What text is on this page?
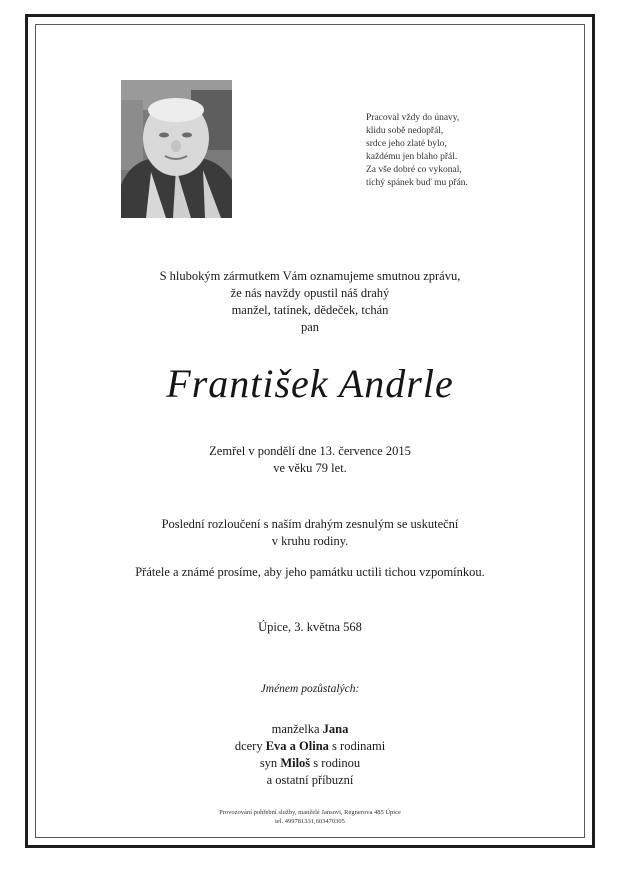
Pracoval vždy do únavy,
klidu sobě nedopřál,
srdce jeho zlaté bylo,
každému jen blaho přál.
Za vše dobré co vykonal,
tichý spánek buď mu přán.
S hlubokým zármutkem Vám oznamujeme smutnou zprávu,
že nás navždy opustil náš drahý
manžel, tatínek, dědeček, tchán
pan
František Andrle
Zemřel v pondělí dne 13. července 2015
ve věku 79 let.
Poslední rozloučení s naším drahým zesnulým se uskuteční
v kruhu rodiny.
Přátele a známé prosíme, aby jeho památku uctili tichou vzpomínkou.
Úpice, 3. května 568
Jménem pozůstalých:
manželka Jana
dcery Eva a Olina s rodinami
syn Miloš s rodinou
a ostatní příbuzní
Provozování pohřební služby, manželé Jansovi, Regnerova 485 Úpice
tel. 499781331,603470305
